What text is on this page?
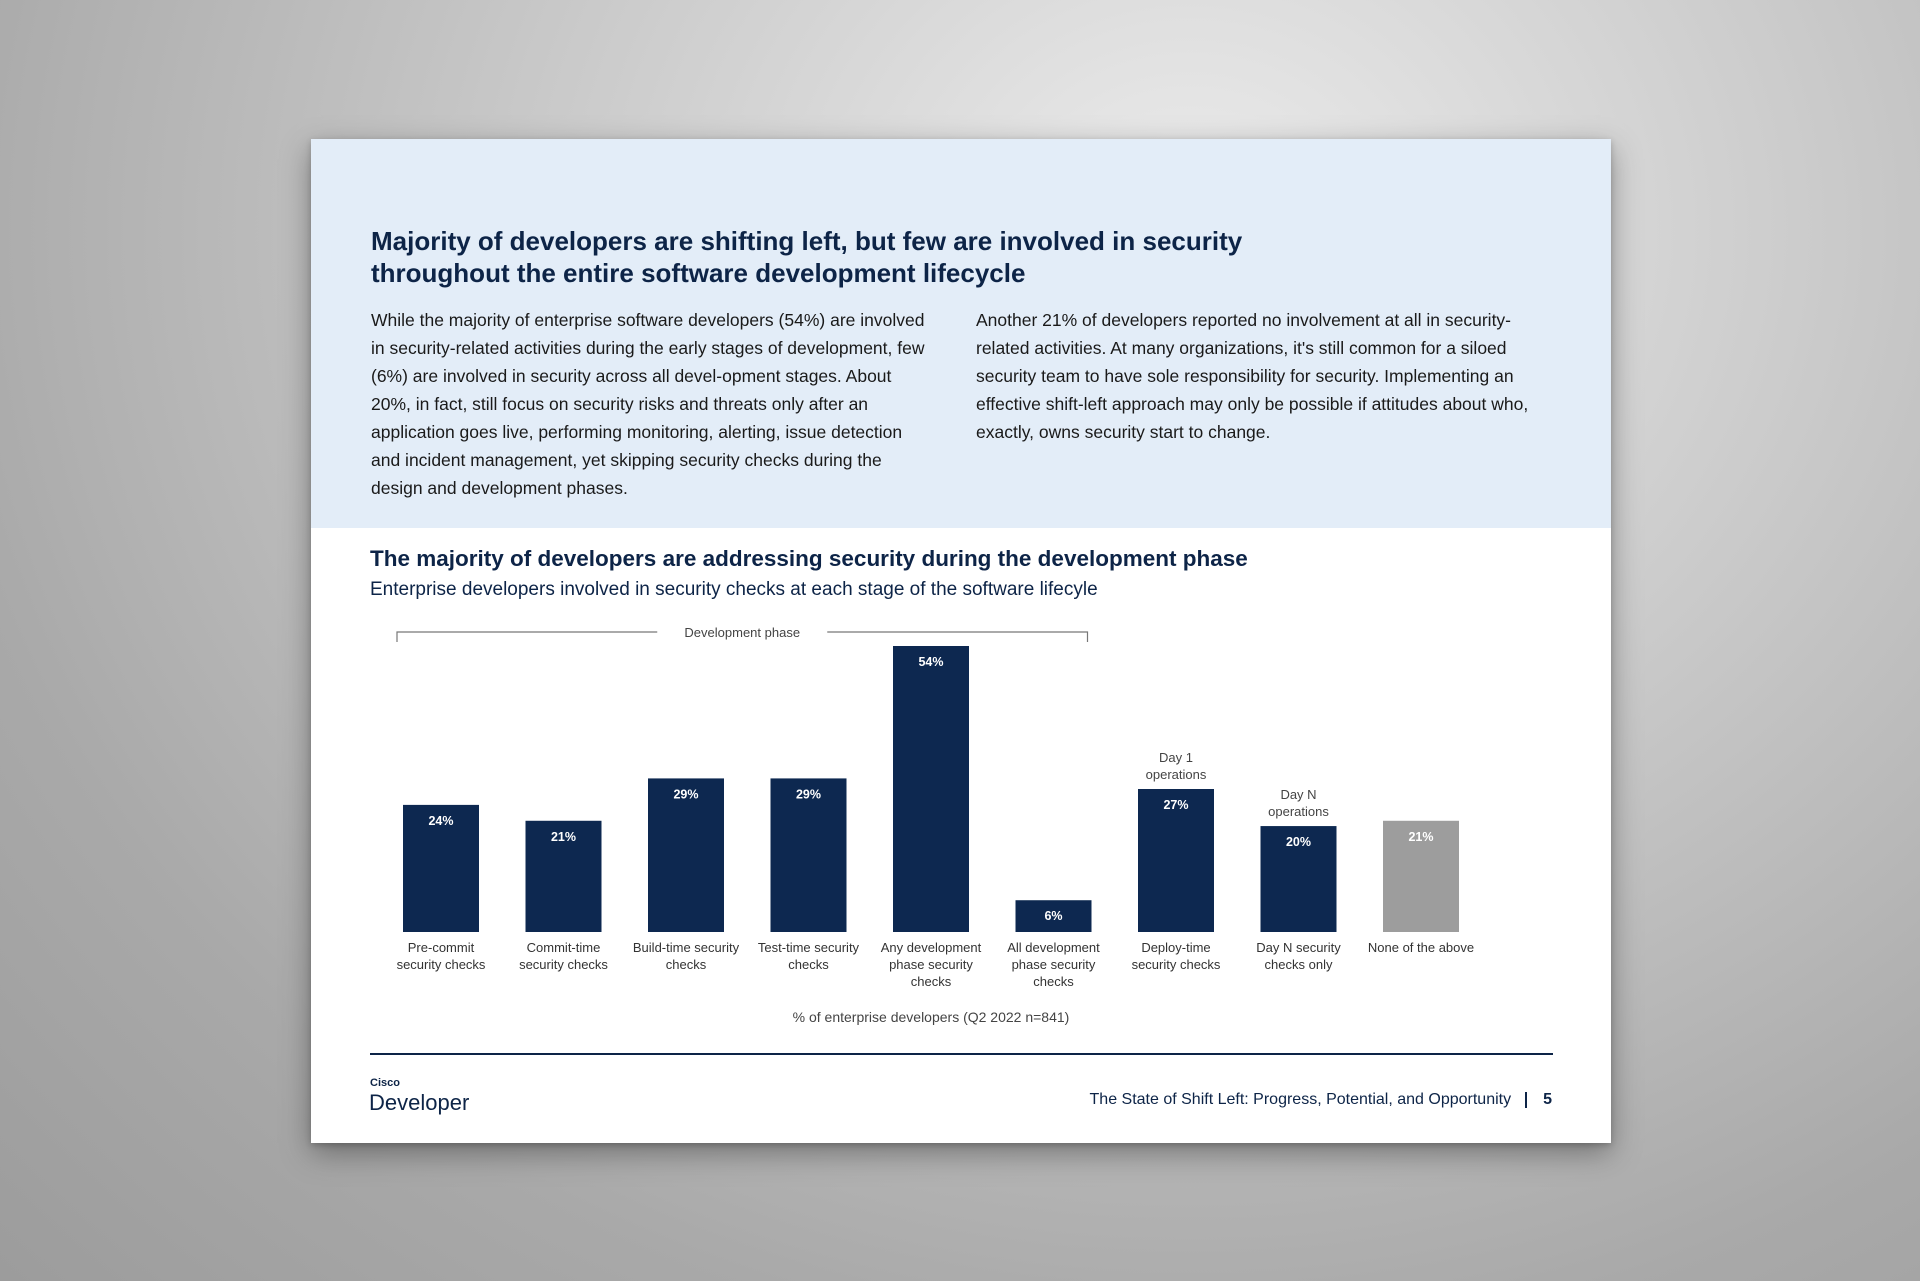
Majority of developers are shifting left, but few are involved in security throughout the entire software development lifecycle

While the majority of enterprise software developers (54%) are involved in security-related activities during the early stages of development, few (6%) are involved in security across all devel-opment stages. About 20%, in fact, still focus on security risks and threats only after an application goes live, performing monitoring, alerting, issue detection and incident management, yet skipping security checks during the design and development phases.

Another 21% of developers reported no involvement at all in security-related activities. At many organizations, it's still common for a siloed security team to have sole responsibility for security. Implementing an effective shift-left approach may only be possible if attitudes about who, exactly, owns security start to change.

The majority of developers are addressing security during the development phase

Enterprise developers involved in security checks at each stage of the software lifecyle

24%
Pre-commit
security checks
21%
Commit-time
security checks
29%
Build-time security
checks
29%
Test-time security
checks
54%
Any development
phase security
checks
6%
All development
phase security
checks
27%
Deploy-time
security checks
20%
Day N security
checks only
21%
None of the above
Development phase
Day 1
operations
Day N
operations
% of enterprise developers (Q2 2022 n=841)
Cisco
Developer	The State of Shift Left: Progress, Potential, and Opportunity 5
